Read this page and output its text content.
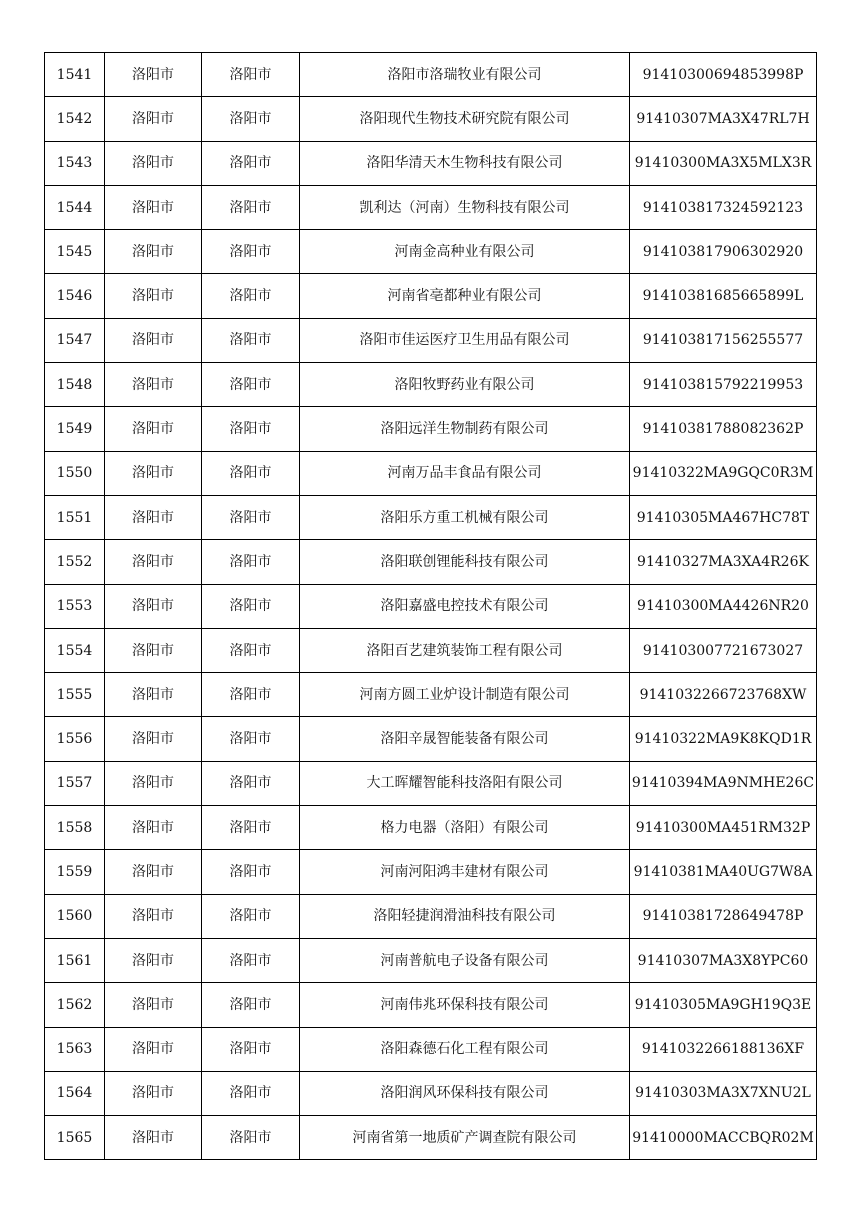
1541	洛阳市	洛阳市	洛阳市洛瑞牧业有限公司	91410300694853998P
1542	洛阳市	洛阳市	洛阳现代生物技术研究院有限公司	91410307MA3X47RL7H
1543	洛阳市	洛阳市	洛阳华清天木生物科技有限公司	91410300MA3X5MLX3R
1544	洛阳市	洛阳市	凯利达（河南）生物科技有限公司	914103817324592123
1545	洛阳市	洛阳市	河南金高种业有限公司	914103817906302920
1546	洛阳市	洛阳市	河南省亳都种业有限公司	91410381685665899L
1547	洛阳市	洛阳市	洛阳市佳运医疗卫生用品有限公司	914103817156255577
1548	洛阳市	洛阳市	洛阳牧野药业有限公司	914103815792219953
1549	洛阳市	洛阳市	洛阳远洋生物制药有限公司	91410381788082362P
1550	洛阳市	洛阳市	河南万品丰食品有限公司	91410322MA9GQC0R3M
1551	洛阳市	洛阳市	洛阳乐方重工机械有限公司	91410305MA467HC78T
1552	洛阳市	洛阳市	洛阳联创锂能科技有限公司	91410327MA3XA4R26K
1553	洛阳市	洛阳市	洛阳嘉盛电控技术有限公司	91410300MA4426NR20
1554	洛阳市	洛阳市	洛阳百艺建筑装饰工程有限公司	914103007721673027
1555	洛阳市	洛阳市	河南方圆工业炉设计制造有限公司	9141032266723768XW
1556	洛阳市	洛阳市	洛阳辛晟智能装备有限公司	91410322MA9K8KQD1R
1557	洛阳市	洛阳市	大工晖耀智能科技洛阳有限公司	91410394MA9NMHE26C
1558	洛阳市	洛阳市	格力电器（洛阳）有限公司	91410300MA451RM32P
1559	洛阳市	洛阳市	河南河阳鸿丰建材有限公司	91410381MA40UG7W8A
1560	洛阳市	洛阳市	洛阳轻捷润滑油科技有限公司	91410381728649478P
1561	洛阳市	洛阳市	河南普航电子设备有限公司	91410307MA3X8YPC60
1562	洛阳市	洛阳市	河南伟兆环保科技有限公司	91410305MA9GH19Q3E
1563	洛阳市	洛阳市	洛阳森德石化工程有限公司	9141032266188136XF
1564	洛阳市	洛阳市	洛阳润风环保科技有限公司	91410303MA3X7XNU2L
1565	洛阳市	洛阳市	河南省第一地质矿产调查院有限公司	91410000MACCBQR02M
